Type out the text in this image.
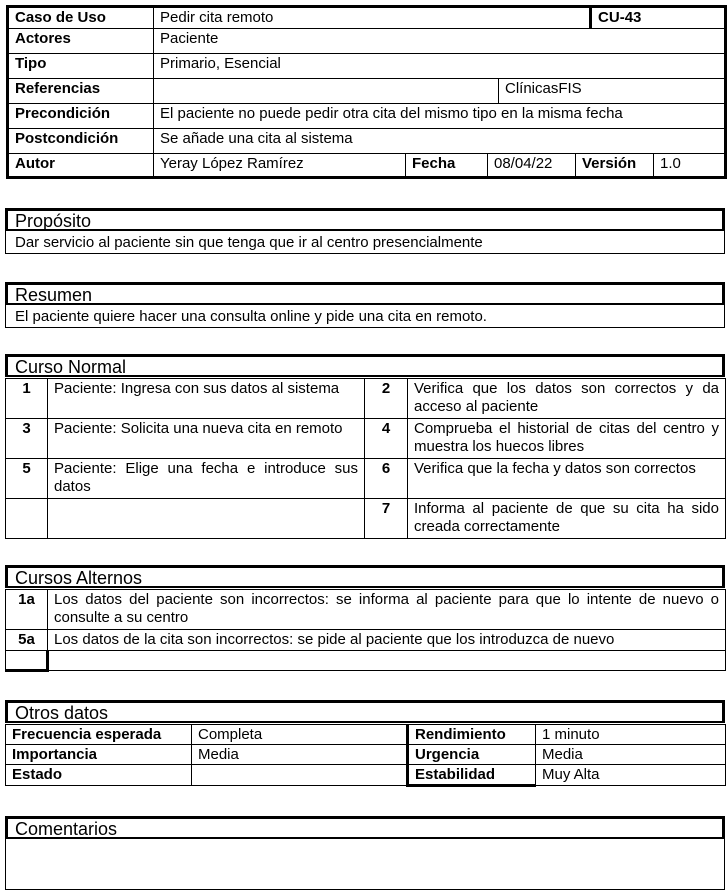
Caso de Uso	Pedir cita remoto					CU-43	
Actores	Paciente						
Tipo	Primario, Esencial						
Referencias				ClínicasFIS			
Precondición	El paciente no puede pedir otra cita del mismo tipo en la misma fecha						
Postcondición	Se añade una cita al sistema						
Autor	Yeray López Ramírez	Fecha	08/04/22		Versión		1.0
Propósito
Dar servicio al paciente sin que tenga que ir al centro presencialmente
Resumen
El paciente quiere hacer una consulta online y pide una cita en remoto.
Curso Normal
1	Paciente: Ingresa con sus datos al sistema	2	Verifica que los datos son correctos y da acceso al paciente
3	Paciente: Solicita una nueva cita en remoto	4	Comprueba el historial de citas del centro y muestra los huecos libres
5	Paciente: Elige una fecha e introduce sus datos	6	Verifica que la fecha y datos son correctos
		7	Informa al paciente de que su cita ha sido creada correctamente
Cursos Alternos
1a	Los datos del paciente son incorrectos: se informa al paciente para que lo intente de nuevo o consulte a su centro
5a	Los datos de la cita son incorrectos: se pide al paciente que los introduzca de nuevo

Otros datos
Frecuencia esperada	Completa	Rendimiento	1 minuto
Importancia	Media	Urgencia	Media
Estado		Estabilidad	Muy Alta
Comentarios
